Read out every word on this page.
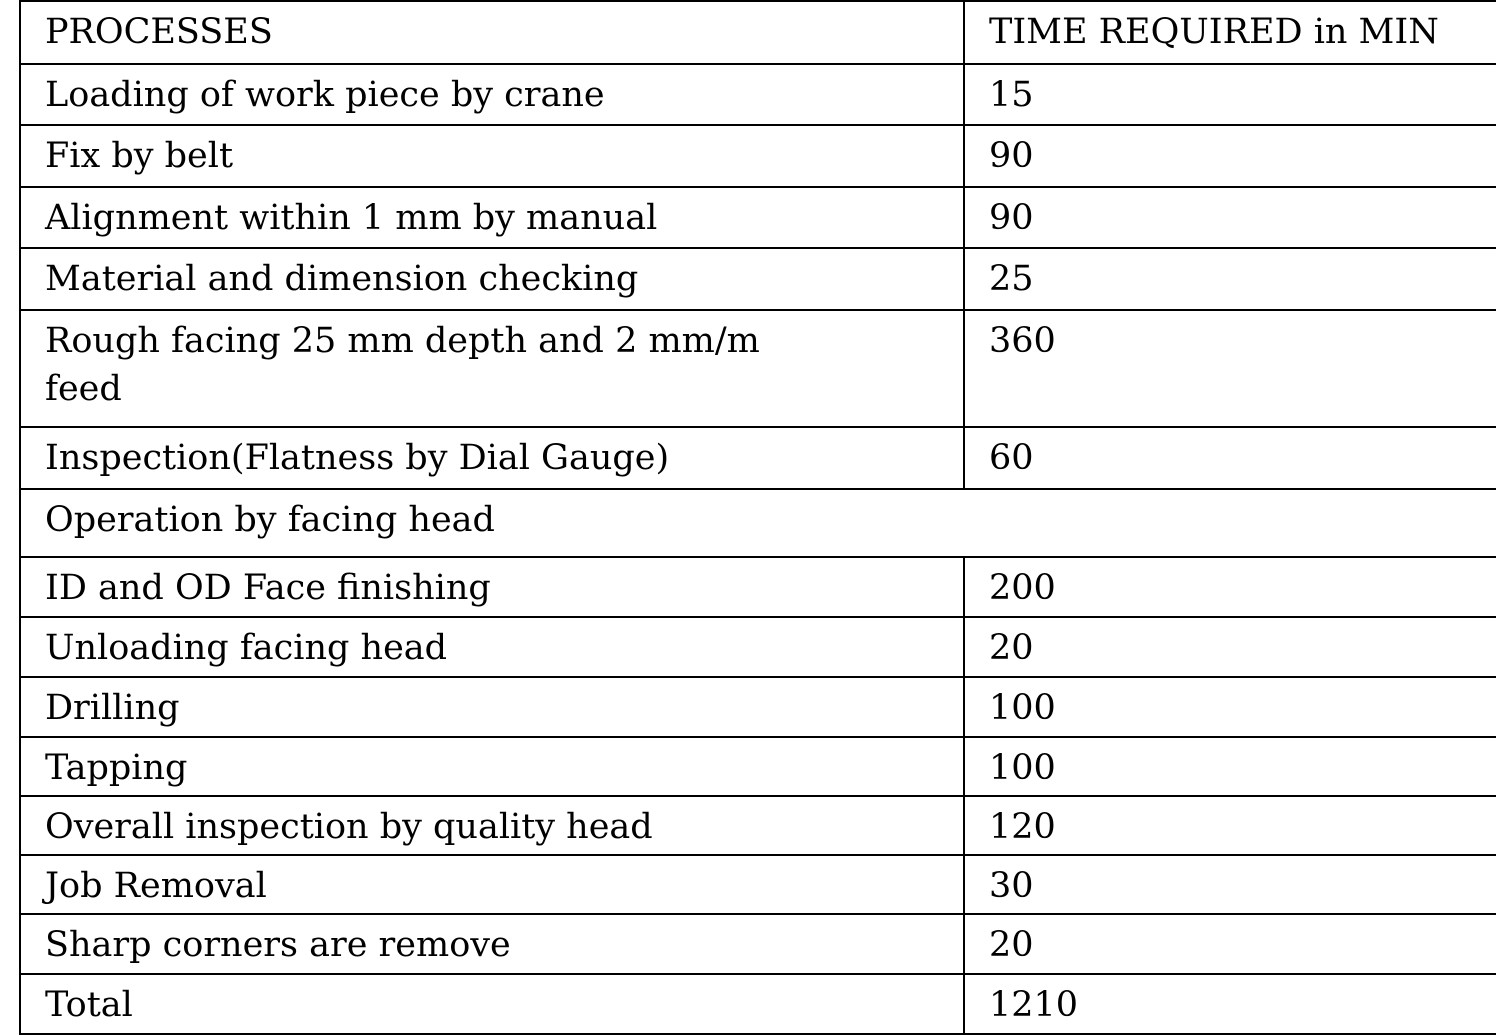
PROCESSES	TIME REQUIRED in MIN

Loading of work piece by crane	15

Fix by belt	90

Alignment within 1 mm by manual	90

Material and dimension checking	25

Rough facing 25 mm depth and 2 mm/m feed	360

Inspection(Flatness by Dial Gauge)	60

Operation by facing head	

ID and OD Face finishing	200

Unloading facing head	20

Drilling	100

Tapping	100

Overall inspection by quality head	120

Job Removal	30

Sharp corners are remove	20

Total	1210
